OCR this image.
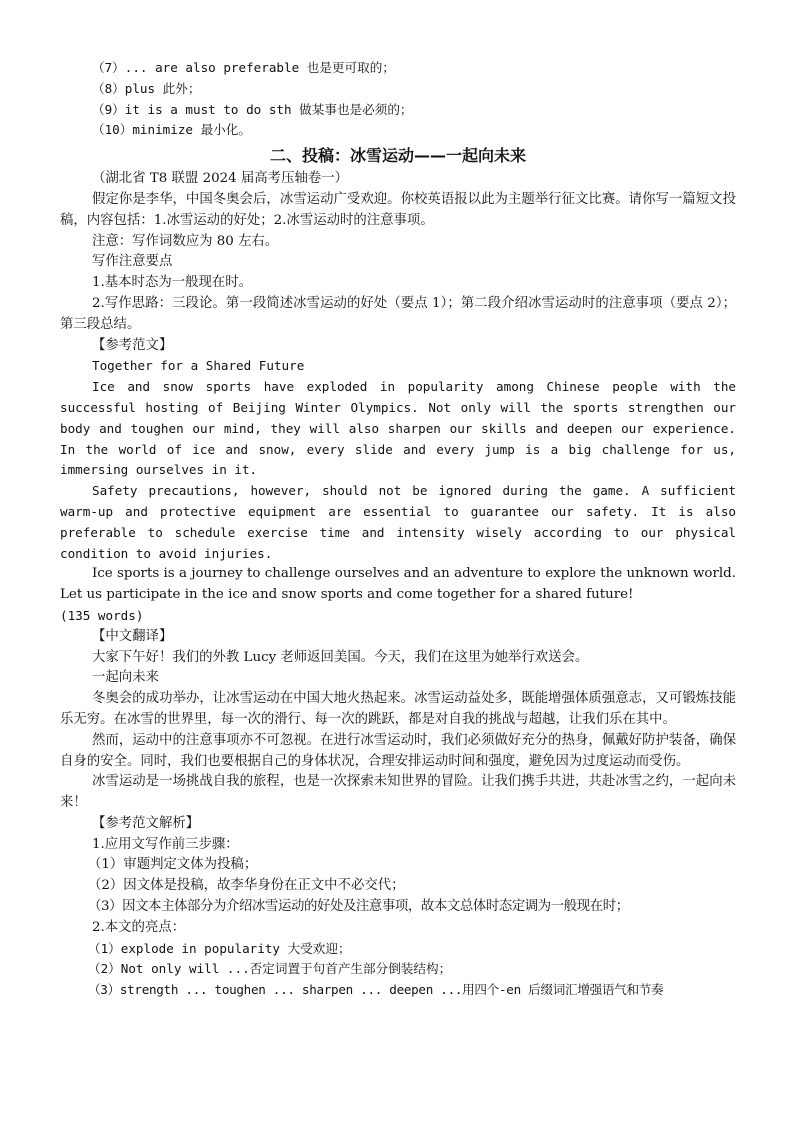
（7）... are also preferable 也是更可取的；
（8）plus 此外；
（9）it is a must to do sth 做某事也是必须的；
（10）minimize 最小化。
二、投稿：冰雪运动——一起向未来
（湖北省 T8 联盟 2024 届高考压轴卷一）
假定你是李华，中国冬奥会后，冰雪运动广受欢迎。你校英语报以此为主题举行征文比赛。请你写一篇短文投稿，内容包括：1.冰雪运动的好处；2.冰雪运动时的注意事项。
注意：写作词数应为 80 左右。
写作注意要点
1.基本时态为一般现在时。
2.写作思路：三段论。第一段简述冰雪运动的好处（要点 1）；第二段介绍冰雪运动时的注意事项（要点 2）；第三段总结。
【参考范文】
Together for a Shared Future
Ice and snow sports have exploded in popularity among Chinese people with the successful hosting of Beijing Winter Olympics. Not only will the sports strengthen our body and toughen our mind, they will also sharpen our skills and deepen our experience. In the world of ice and snow, every slide and every jump is a big challenge for us, immersing ourselves in it.
Safety precautions, however, should not be ignored during the game. A sufficient warm-up and protective equipment are essential to guarantee our safety. It is also preferable to schedule exercise time and intensity wisely according to our physical condition to avoid injuries.
Ice sports is a journey to challenge ourselves and an adventure to explore the unknown world. Let us participate in the ice and snow sports and come together for a shared future!
(135 words)
【中文翻译】
大家下午好！我们的外教 Lucy 老师返回美国。今天，我们在这里为她举行欢送会。
一起向未来
冬奥会的成功举办，让冰雪运动在中国大地火热起来。冰雪运动益处多，既能增强体质强意志，又可锻炼技能乐无穷。在冰雪的世界里，每一次的滑行、每一次的跳跃，都是对自我的挑战与超越，让我们乐在其中。
然而，运动中的注意事项亦不可忽视。在进行冰雪运动时，我们必须做好充分的热身，佩戴好防护装备，确保自身的安全。同时，我们也要根据自己的身体状况，合理安排运动时间和强度，避免因为过度运动而受伤。
冰雪运动是一场挑战自我的旅程，也是一次探索未知世界的冒险。让我们携手共进，共赴冰雪之约，一起向未来！
【参考范文解析】
1.应用文写作前三步骤：
（1）审题判定文体为投稿；
（2）因文体是投稿，故李华身份在正文中不必交代；
（3）因文本主体部分为介绍冰雪运动的好处及注意事项，故本文总体时态定调为一般现在时；
2.本文的亮点：
（1）explode in popularity 大受欢迎；
（2）Not only will ...否定词置于句首产生部分倒装结构；
（3）strength ... toughen ... sharpen ... deepen ...用四个-en 后缀词汇增强语气和节奏
